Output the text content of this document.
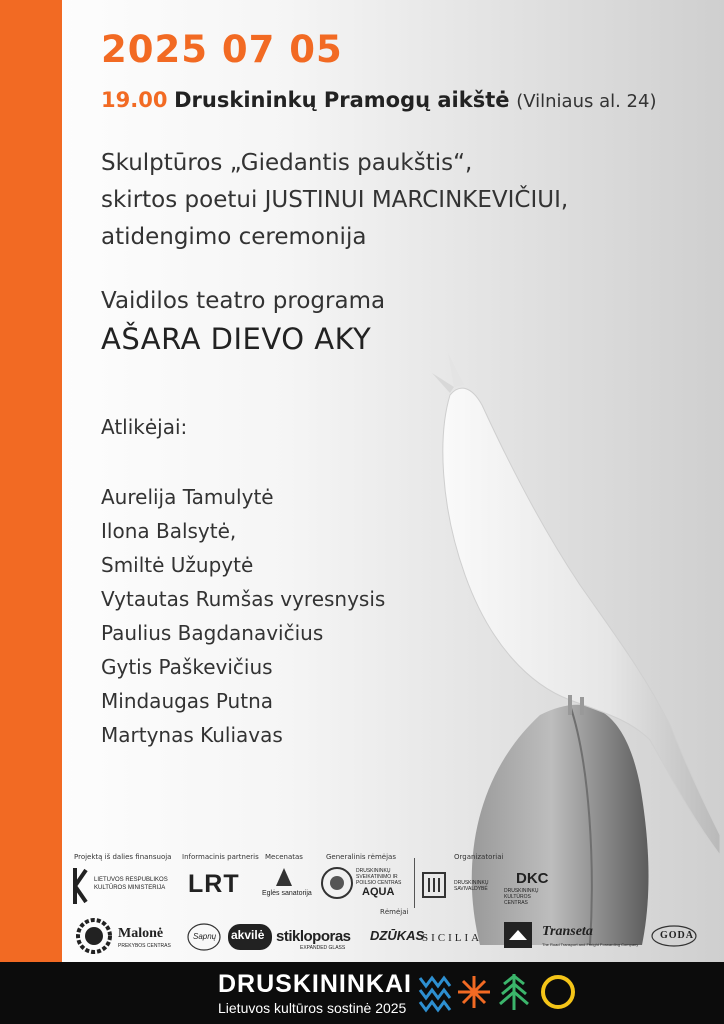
2025 07 05
19.00 Druskininkų Pramogų aikštė (Vilniaus al. 24)
Skulptūros „Giedantis paukštis“,
skirtos poetui JUSTINUI MARCINKEVIČIUI,
atidengimo ceremonija
Vaidilos teatro programa
AŠARA DIEVO AKY
Atlikėjai:
Aurelija Tamulytė
Ilona Balsytė,
Smiltė Užupytė
Vytautas Rumšas vyresnysis
Paulius Bagdanavičius
Gytis Paškevičius
Mindaugas Putna
Martynas Kuliavas
Projektą iš dalies finansuoja Informacinis partneris Mecenatas	Generalinis rėmėjas	Organizatoriai
Rėmėjai
LIETUVOS RESPUBLIKOS KULTŪROS MINISTERIJA LRT	Eglės sanatorija
DRUSKININKŲ SVEIKATINIMO IR POILSIO CENTRAS
AQUA
DRUSKININKŲ SAVIVALDYBĖ
DKC
DRUSKININKŲ KULTŪROS CENTRAS
Malonė
PREKYBOS CENTRAS
Sapnų akvilė stikloporas
EXPANDED GLASS
DZŪKAS
SICILIA	Transeta
The Road Transport and Freight Forwarding Company
GODA
DRUSKININKAI
Lietuvos kultūros sostinė 2025
